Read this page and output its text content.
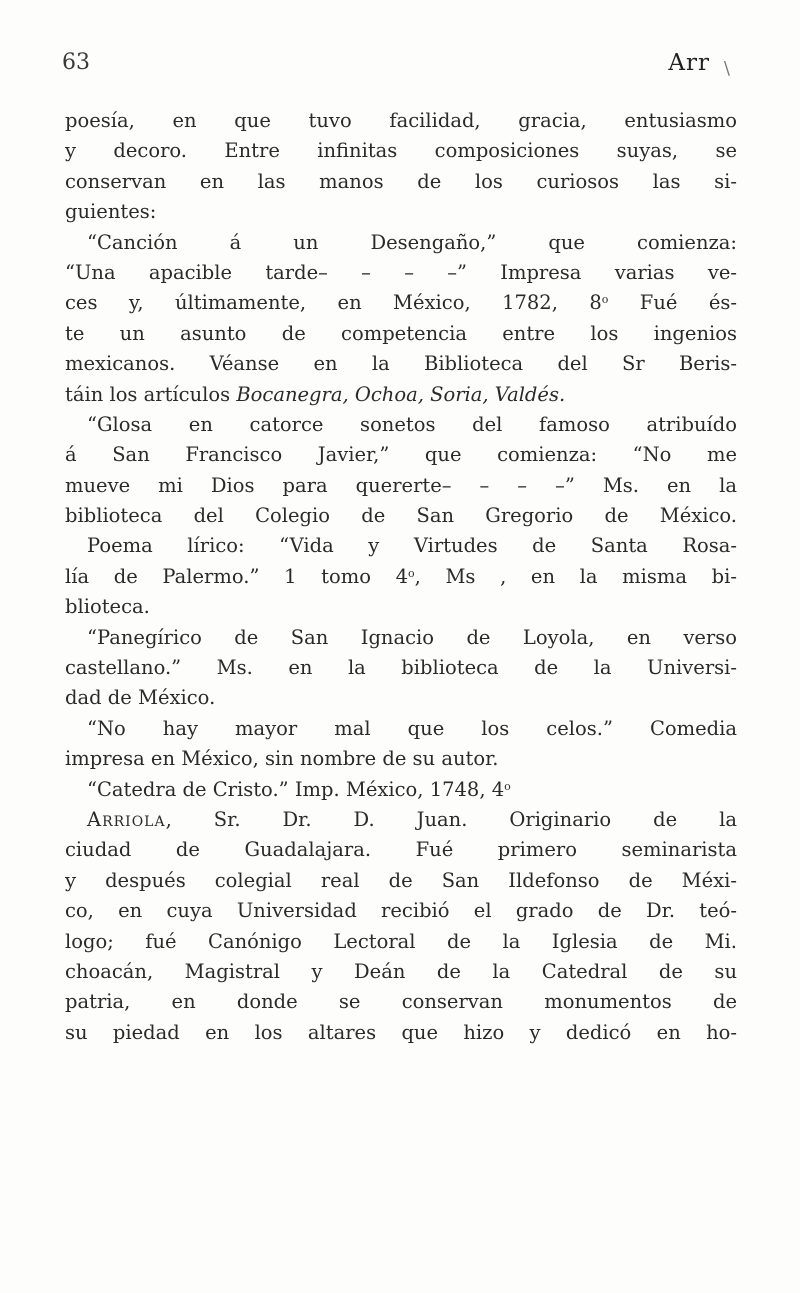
63	Arr \
poesía, en que tuvo facilidad, gracia, entusiasmo
y decoro. Entre infinitas composiciones suyas, se
conservan en las manos de los curiosos las si-
guientes:
“Canción á un Desengaño,” que comienza:
“Una apacible tarde– – – –” Impresa varias ve-
ces y, últimamente, en México, 1782, 8$^o$ Fué és-
te un asunto de competencia entre los ingenios
mexicanos. Véanse en la Biblioteca del Sr Beris-
táin los artículos Bocanegra, Ochoa, Soria, Valdés.
“Glosa en catorce sonetos del famoso atribuído
á San Francisco Javier,” que comienza: “No me
mueve mi Dios para quererte– – – –” Ms. en la
biblioteca del Colegio de San Gregorio de México.
Poema lírico: “Vida y Virtudes de Santa Rosa-
lía de Palermo.” 1 tomo 4$^o$, Ms , en la misma bi-
blioteca.
“Panegírico de San Ignacio de Loyola, en verso
castellano.” Ms. en la biblioteca de la Universi-
dad de México.
“No hay mayor mal que los celos.” Comedia
impresa en México, sin nombre de su autor.
“Catedra de Cristo.” Imp. México, 1748, 4$^o$
Arriola, Sr. Dr. D. Juan. Originario de la
ciudad de Guadalajara. Fué primero seminarista
y después colegial real de San Ildefonso de Méxi-
co, en cuya Universidad recibió el grado de Dr. teó-
logo; fué Canónigo Lectoral de la Iglesia de Mi.
choacán, Magistral y Deán de la Catedral de su
patria, en donde se conservan monumentos de
su piedad en los altares que hizo y dedicó en ho-
